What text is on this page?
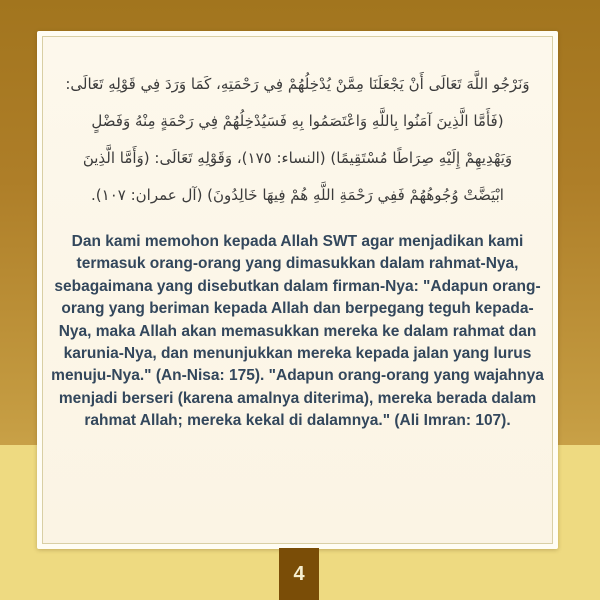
وَنَرْجُو اللَّهَ تَعَالَى أَنْ يَجْعَلَنَا مِمَّنْ يُدْخِلُهُمْ فِي رَحْمَتِهِ، كَمَا وَرَدَ فِي قَوْلِهِ تَعَالَى:
(فَأَمَّا الَّذِينَ آمَنُوا بِاللَّهِ وَاعْتَصَمُوا بِهِ فَسَيُدْخِلُهُمْ فِي رَحْمَةٍ مِنْهُ وَفَضْلٍ
وَيَهْدِيهِمْ إِلَيْهِ صِرَاطًا مُسْتَقِيمًا) (النساء: ١٧٥)، وَقَوْلِهِ تَعَالَى: (وَأَمَّا الَّذِينَ
ابْيَضَّتْ وُجُوهُهُمْ فَفِي رَحْمَةِ اللَّهِ هُمْ فِيهَا خَالِدُونَ) (آل عمران: ١٠٧).
Dan kami memohon kepada Allah SWT agar menjadikan kami termasuk orang-orang yang dimasukkan dalam rahmat-Nya, sebagaimana yang disebutkan dalam firman-Nya: "Adapun orang-orang yang beriman kepada Allah dan berpegang teguh kepada-Nya, maka Allah akan memasukkan mereka ke dalam rahmat dan karunia-Nya, dan menunjukkan mereka kepada jalan yang lurus menuju-Nya." (An-Nisa: 175). "Adapun orang-orang yang wajahnya menjadi berseri (karena amalnya diterima), mereka berada dalam rahmat Allah; mereka kekal di dalamnya." (Ali Imran: 107).
4
